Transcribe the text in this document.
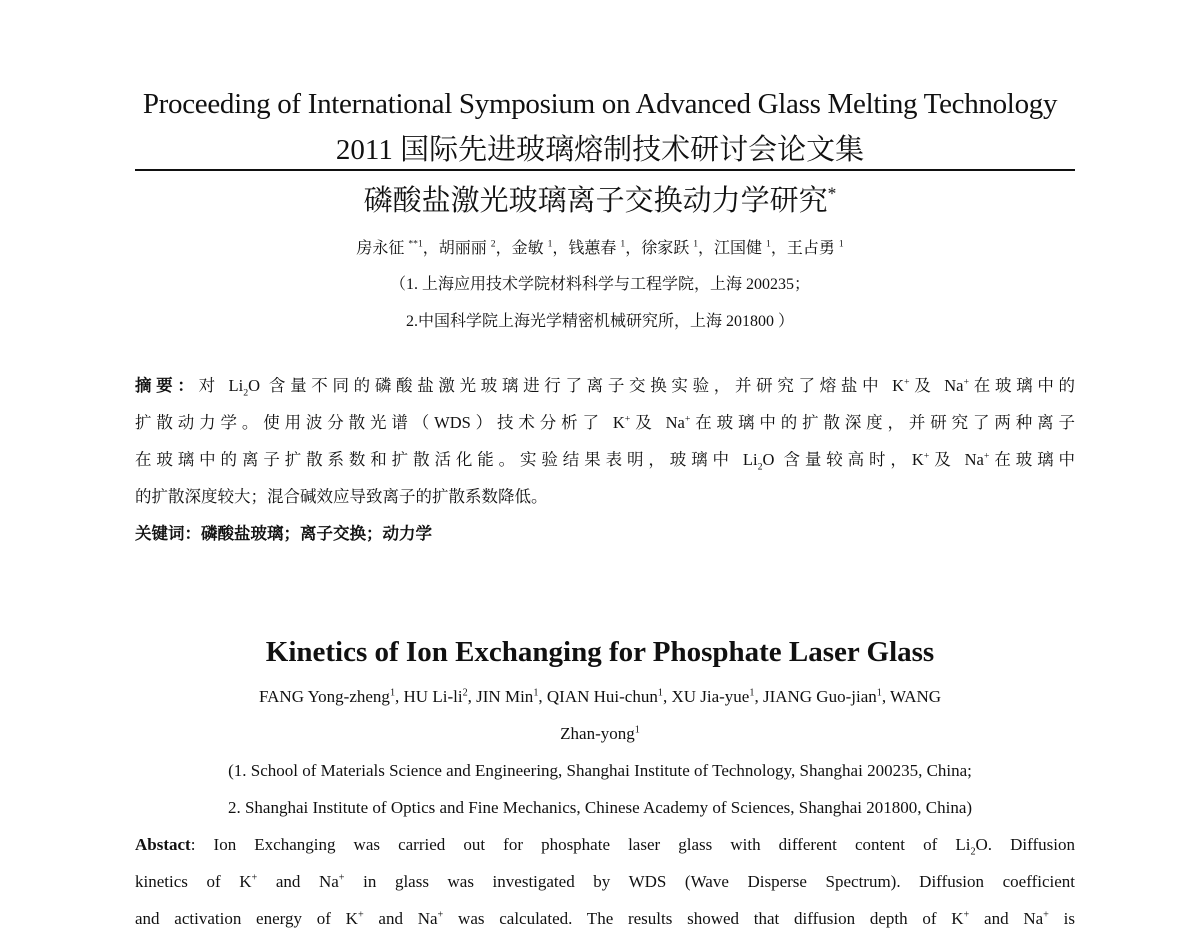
Proceeding of International Symposium on Advanced Glass Melting Technology
2011 国际先进玻璃熔制技术研讨会论文集
磷酸盐激光玻璃离子交换动力学研究*
房永征 $^{**1}$，胡丽丽 $^2$，金敏 $^1$，钱蕙春 $^1$，徐家跃 $^1$，江国健 $^1$，王占勇 $^1$
（1. 上海应用技术学院材料科学与工程学院，上海 200235；
2.中国科学院上海光学精密机械研究所，上海 201800 ）
摘要：对 $Li_2O$ 含量不同的磷酸盐激光玻璃进行了离子交换实验，并研究了熔盐中 K+及 Na+在玻璃中的
扩散动力学。使用波分散光谱（WDS）技术分析了 K+及 Na+在玻璃中的扩散深度，并研究了两种离子
在玻璃中的离子扩散系数和扩散活化能。实验结果表明，玻璃中 $Li_2O$ 含量较高时，K+及 Na+在玻璃中
的扩散深度较大；混合碱效应导致离子的扩散系数降低。
关键词：磷酸盐玻璃；离子交换；动力学
Kinetics of Ion Exchanging for Phosphate Laser Glass
FANG Yong-zheng$^1$, HU $Li-li^2$, JIN Min$^1$, QIAN Hui-chun$^1$, XU Jia-yue$^1$, JIANG Guo-jian$^1$, WANG
Zhan-yong$^1$
(1. School of Materials Science and Engineering, Shanghai Institute of Technology, Shanghai 200235, China;
2. Shanghai Institute of Optics and Fine Mechanics, Chinese Academy of Sciences, Shanghai 201800, China)
Abstact: Ion Exchanging was carried out for phosphate laser glass with different content of $Li_2O$. Diffusion
kinetics of K+ and Na+ in glass was investigated by WDS (Wave Disperse Spectrum). Diffusion coefficient
and activation energy of K+ and Na+ was calculated. The results showed that diffusion depth of K+ and Na+ is
